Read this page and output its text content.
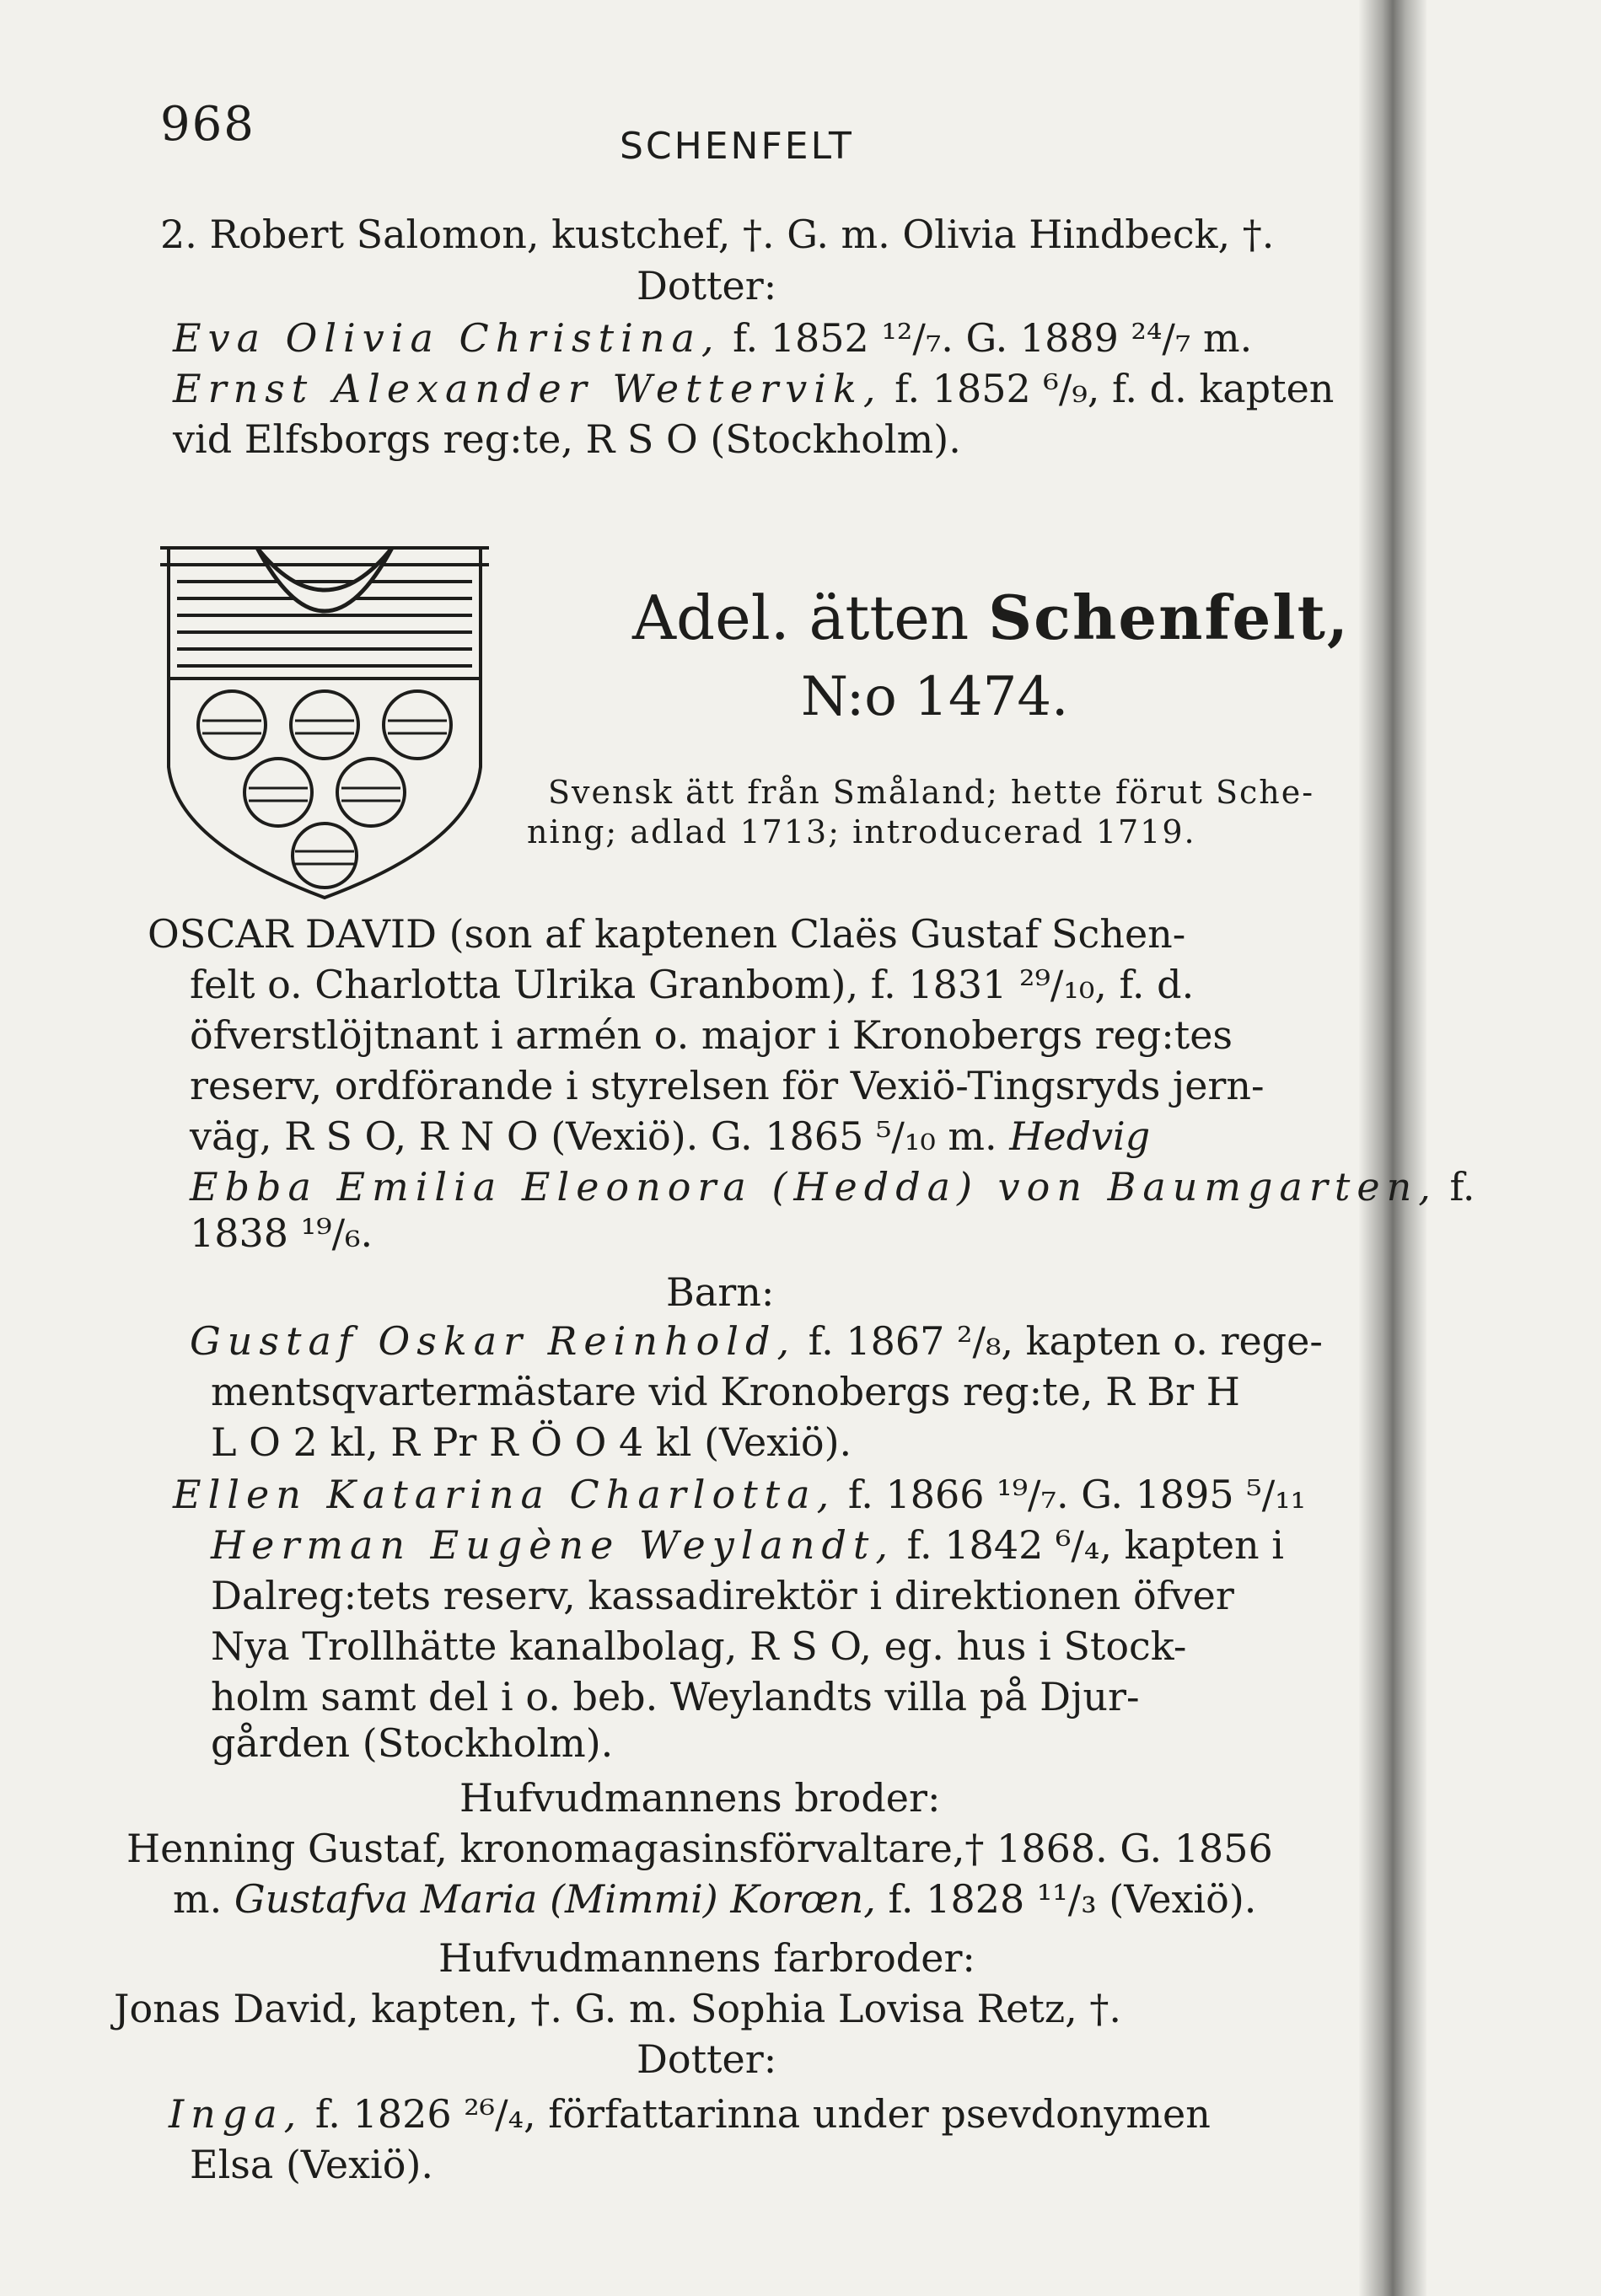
968	SCHENFELT
2. Robert Salomon, kustchef, †. G. m. Olivia Hindbeck, †.
Dotter:
Eva Olivia Christina, f. 1852 ¹²/₇. G. 1889 ²⁴/₇ m.
Ernst Alexander Wettervik, f. 1852 ⁶/₉, f. d. kapten
vid Elfsborgs reg:te, R S O (Stockholm).
Adel. ätten Schenfelt,
N:o 1474.
Svensk ätt från Småland; hette förut Sche-
ning; adlad 1713; introducerad 1719.
OSCAR DAVID (son af kaptenen Claës Gustaf Schen-
felt o. Charlotta Ulrika Granbom), f. 1831 ²⁹/₁₀, f. d.
öfverstlöjtnant i armén o. major i Kronobergs reg:tes
reserv, ordförande i styrelsen för Vexiö-Tingsryds jern-
väg, R S O, R N O (Vexiö). G. 1865 ⁵/₁₀ m. Hedvig
Ebba Emilia Eleonora (Hedda) von Baumgarten, f.
1838 ¹⁹/₆.
Barn:
Gustaf Oskar Reinhold, f. 1867 ²/₈, kapten o. rege-
mentsqvartermästare vid Kronobergs reg:te, R Br H
L O 2 kl, R Pr R Ö O 4 kl (Vexiö).
Ellen Katarina Charlotta, f. 1866 ¹⁹/₇. G. 1895 ⁵/₁₁
Herman Eugène Weylandt, f. 1842 ⁶/₄, kapten i
Dalreg:tets reserv, kassadirektör i direktionen öfver
Nya Trollhätte kanalbolag, R S O, eg. hus i Stock-
holm samt del i o. beb. Weylandts villa på Djur-
gården (Stockholm).
Hufvudmannens broder:
Henning Gustaf, kronomagasinsförvaltare,† 1868. G. 1856
m. Gustafva Maria (Mimmi) Korœn, f. 1828 ¹¹/₃ (Vexiö).
Hufvudmannens farbroder:
Jonas David, kapten, †. G. m. Sophia Lovisa Retz, †.
Dotter:
Inga, f. 1826 ²⁶/₄, författarinna under psevdonymen
Elsa (Vexiö).
